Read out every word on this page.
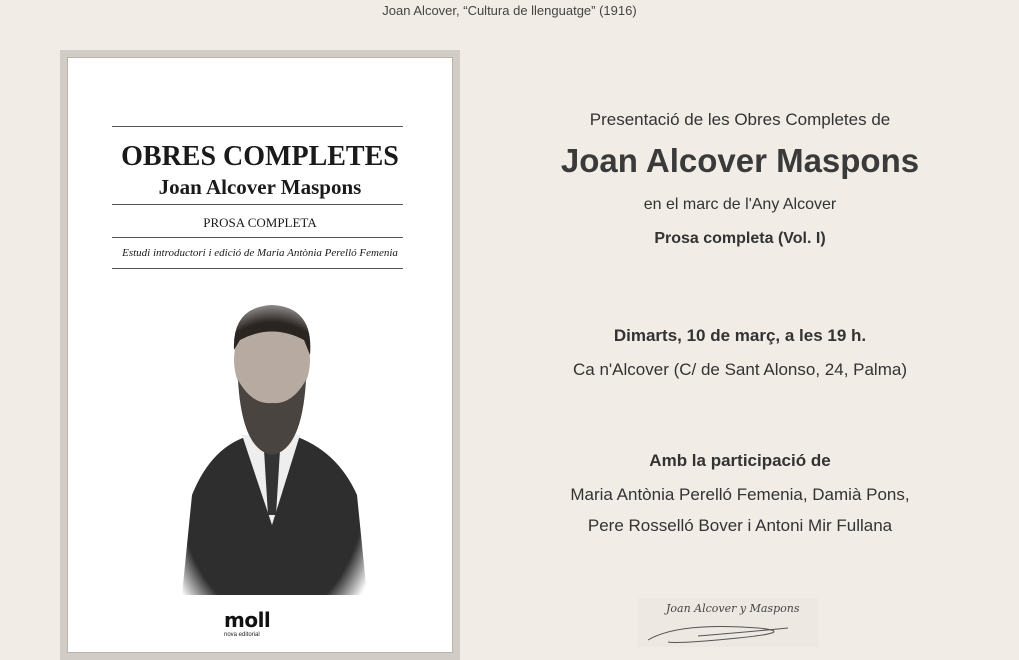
Joan Alcover, “Cultura de llenguatge” (1916)
OBRES COMPLETES
Joan Alcover Maspons
PROSA COMPLETA
Estudi introductori i edició de Maria Antònia Perelló Femenia
moll
nova editorial
Presentació de les Obres Completes de
Joan Alcover Maspons
en el marc de l'Any Alcover
Prosa completa (Vol. I)
Dimarts, 10 de març, a les 19 h.
Ca n'Alcover (C/ de Sant Alonso, 24, Palma)
Amb la participació de
Maria Antònia Perelló Femenia, Damià Pons,
Pere Rosselló Bover i Antoni Mir Fullana
Joan Alcover y Maspons
